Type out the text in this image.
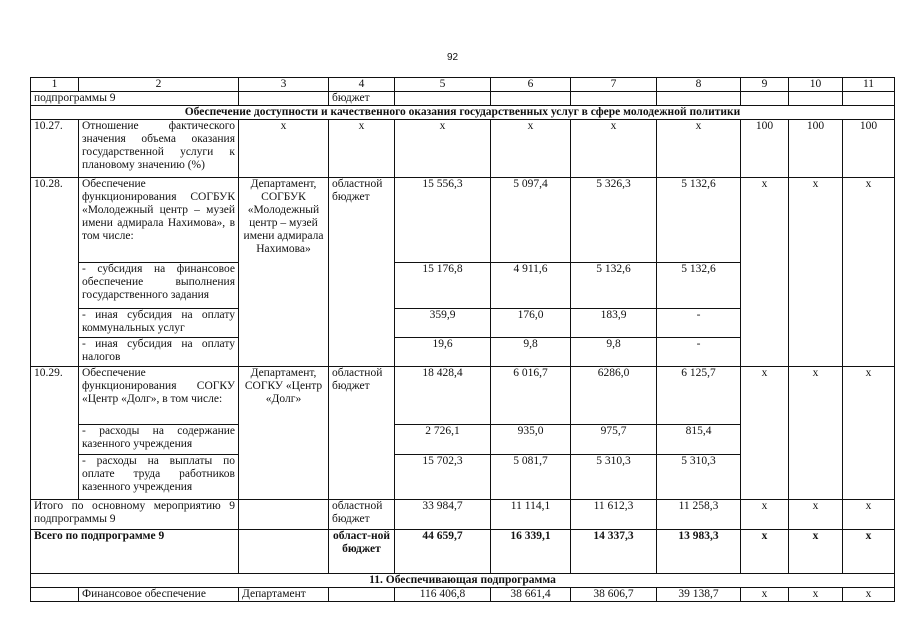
92
1	2	3	4	5	6	7	8	9	10	11
подпрограммы 9			бюджет							
Обеспечение доступности и качественного оказания государственных услуг в сфере молодежной политики										
10.27.	Отношение фактического значения объема оказания государственной услуги к плановому значению (%)	х	х	х	х	х	х	100	100	100
10.28.	Обеспечение функционирования СОГБУК «Молодежный центр – музей имени адмирала Нахимова», в том числе:	Департамент, СОГБУК «Молодежный центр – музей имени адмирала Нахимова»	областной бюджет	15 556,3	5 097,4	5 326,3	5 132,6	х	х	х
	- субсидия на финансовое обеспечение выполнения государственного задания			15 176,8	4 911,6	5 132,6	5 132,6			
	- иная субсидия на оплату коммунальных услуг			359,9	176,0	183,9	-			
	- иная субсидия на оплату налогов			19,6	9,8	9,8	-			
10.29.	Обеспечение функционирования СОГКУ «Центр «Долг», в том числе:	Департамент, СОГКУ «Центр «Долг»	областной бюджет	18 428,4	6 016,7	6286,0	6 125,7	х	х	х
	- расходы на содержание казенного учреждения			2 726,1	935,0	975,7	815,4			
	- расходы на выплаты по оплате труда работников казенного учреждения			15 702,3	5 081,7	5 310,3	5 310,3			
Итого по основному мероприятию 9 подпрограммы 9			областной бюджет	33 984,7	11 114,1	11 612,3	11 258,3	х	х	х
Всего по подпрограмме 9			област-ной бюджет	44 659,7	16 339,1	14 337,3	13 983,3	х	х	х
11. Обеспечивающая подпрограмма										
	Финансовое обеспечение	Департамент		116 406,8	38 661,4	38 606,7	39 138,7	х	х	х
